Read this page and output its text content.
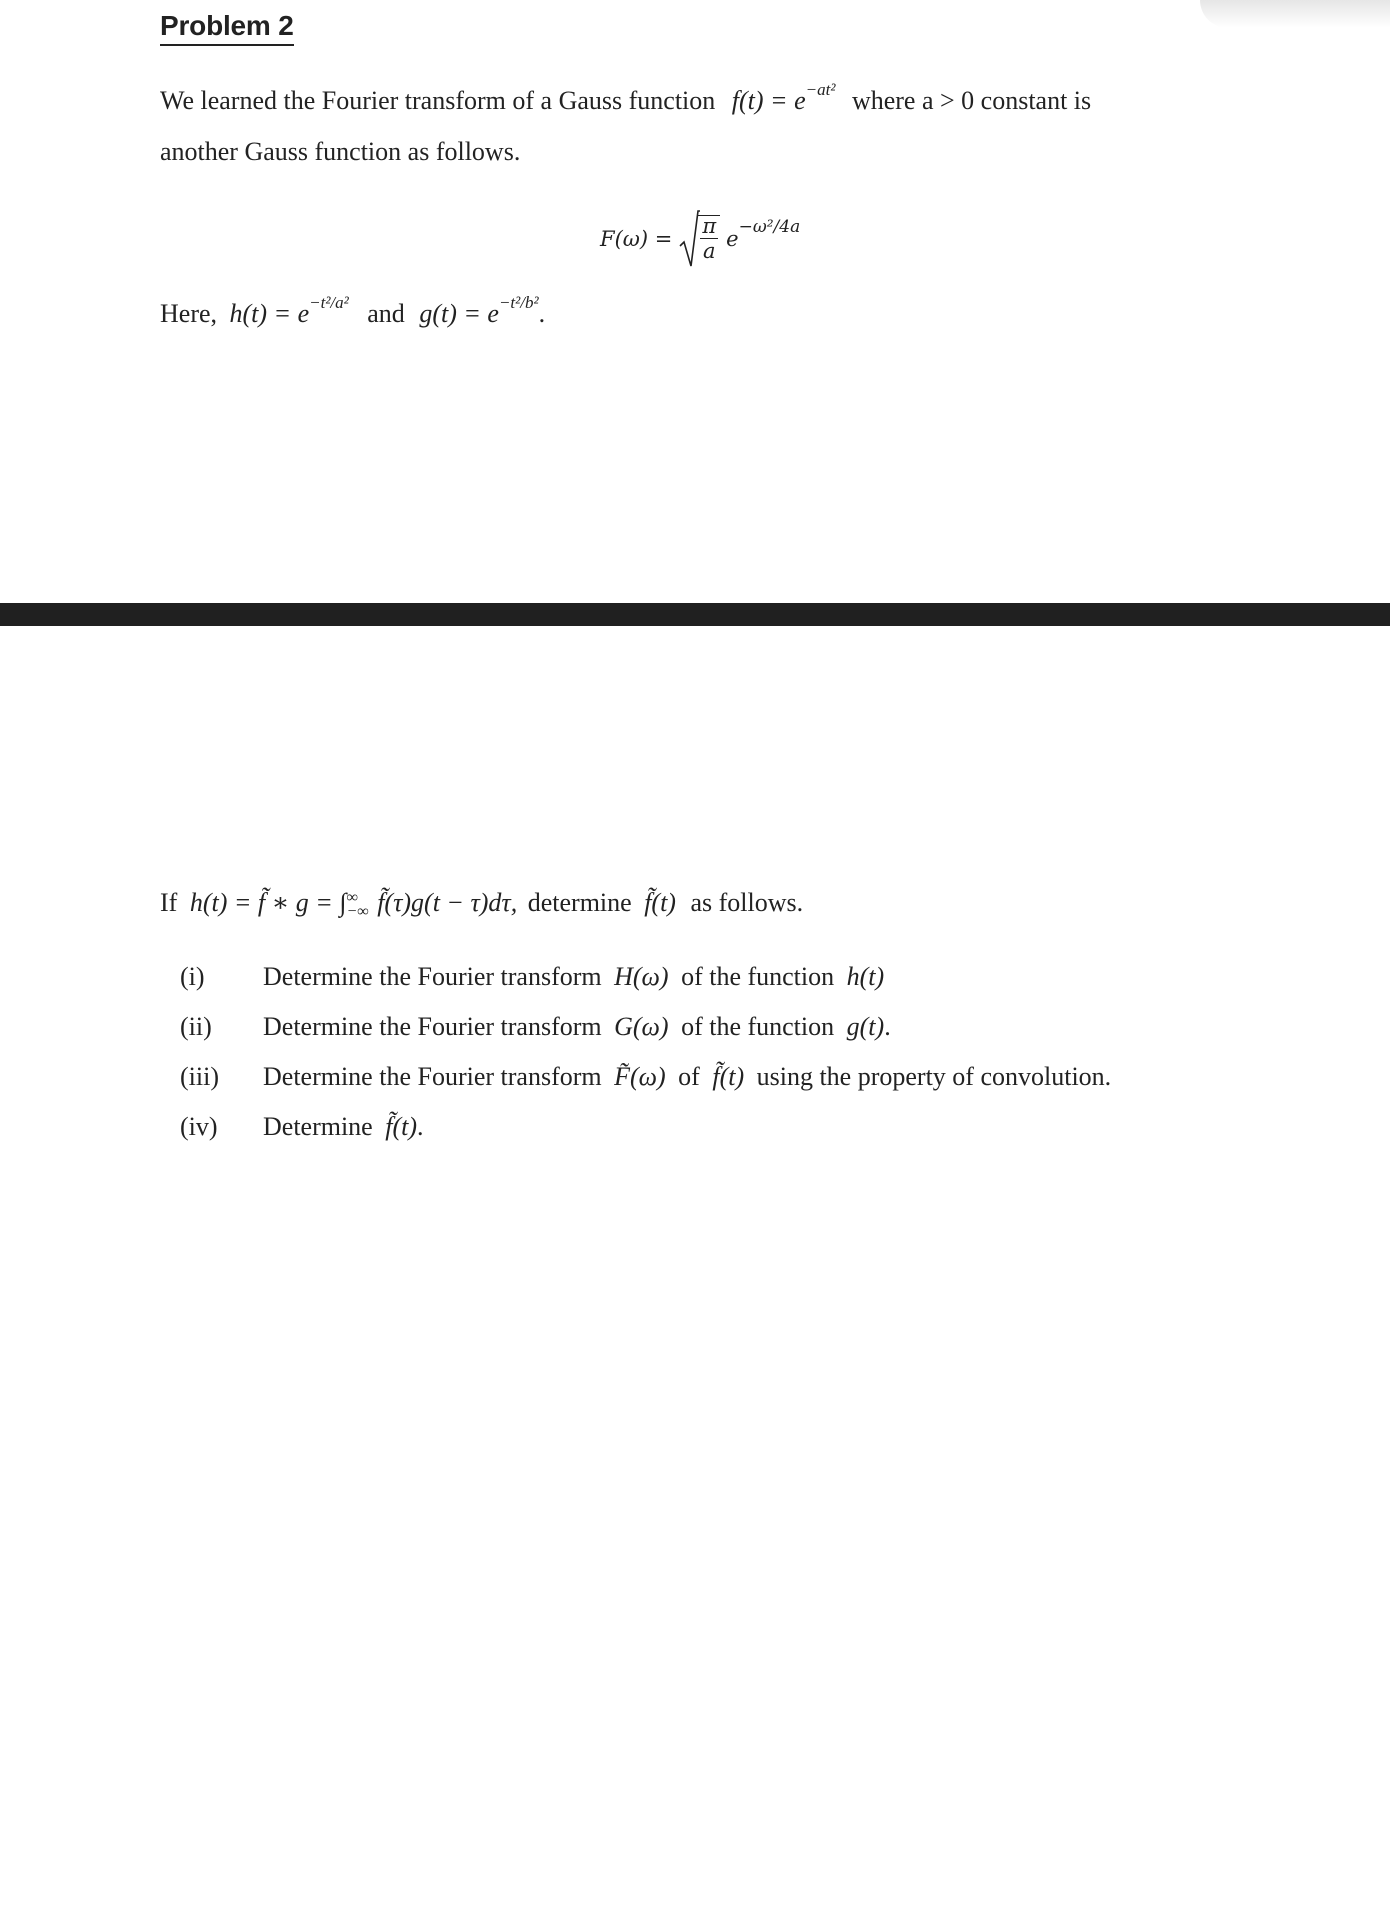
Problem 2
We learned the Fourier transform of a Gauss function $f(t) = e^{-at^2}$ where a > 0 constant is
another Gauss function as follows.
$F(\omega) = \frac{\pi}{a} e^{-\omega^2/4a}$
Here, $h(t) = e^{-t^2/a^2}$ and $g(t) = e^{-t^2/b^2}$.
If h(t) = f̃ ∗ g = ∫ ∞
−∞ f̃(τ)g(t − τ)dτ, determine f̃(t) as follows.
(i) Determine the Fourier transform H(ω) of the function h(t)
(ii) Determine the Fourier transform G(ω) of the function g(t).
(iii) Determine the Fourier transform F̃(ω) of f̃(t) using the property of convolution.
(iv) Determine f̃(t).
